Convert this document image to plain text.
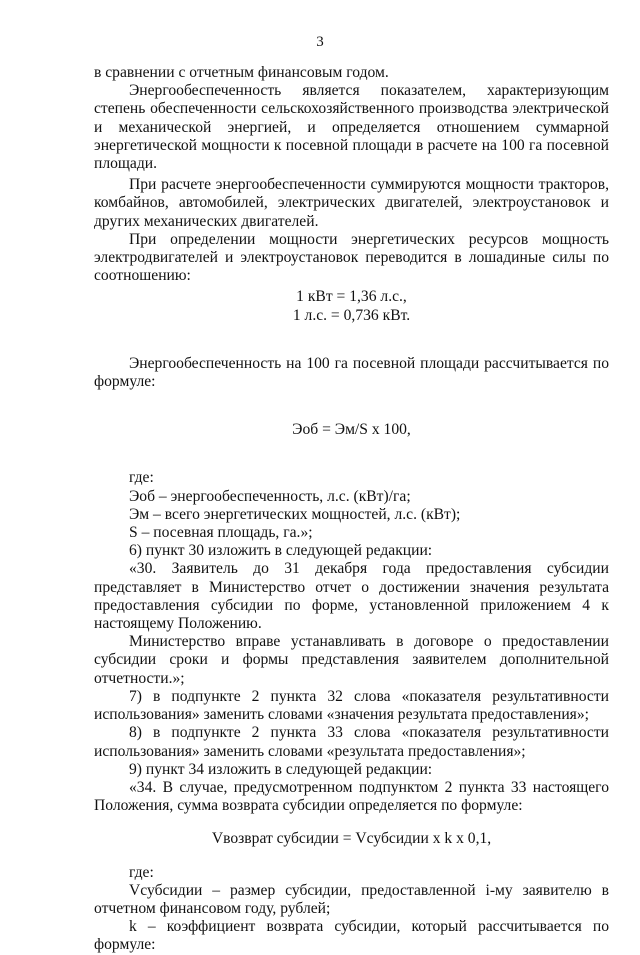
3

в сравнении с отчетным финансовым годом.

Энергообеспеченность является показателем, характеризующим степень обеспеченности сельскохозяйственного производства электрической и механической энергией, и определяется отношением суммарной энергетической мощности к посевной площади в расчете на 100 га посевной площади.

При расчете энергообеспеченности суммируются мощности тракторов, комбайнов, автомобилей, электрических двигателей, электроустановок и других механических двигателей.

При определении мощности энергетических ресурсов мощность электродвигателей и электроустановок переводится в лошадиные силы по соотношению:

1 кВт = 1,36 л.с.,

1 л.с. = 0,736 кВт.

Энергообеспеченность на 100 га посевной площади рассчитывается по формуле:

Эоб = Эм/S х 100,

где:

Эоб – энергообеспеченность, л.с. (кВт)/га;

Эм – всего энергетических мощностей, л.с. (кВт);

S – посевная площадь, га.»;

6) пункт 30 изложить в следующей редакции:

«30. Заявитель до 31 декабря года предоставления субсидии представляет в Министерство отчет о достижении значения результата предоставления субсидии по форме, установленной приложением 4 к настоящему Положению.

Министерство вправе устанавливать в договоре о предоставлении субсидии сроки и формы представления заявителем дополнительной отчетности.»;

7) в подпункте 2 пункта 32 слова «показателя результативности использования» заменить словами «значения результата предоставления»;

8) в подпункте 2 пункта 33 слова «показателя результативности использования» заменить словами «результата предоставления»;

9) пункт 34 изложить в следующей редакции:

«34. В случае, предусмотренном подпунктом 2 пункта 33 настоящего Положения, сумма возврата субсидии определяется по формуле:

Vвозврат субсидии = Vсубсидии х k х 0,1,

где:

Vсубсидии – размер субсидии, предоставленной i-му заявителю в отчетном финансовом году, рублей;

k – коэффициент возврата субсидии, который рассчитывается по формуле:
